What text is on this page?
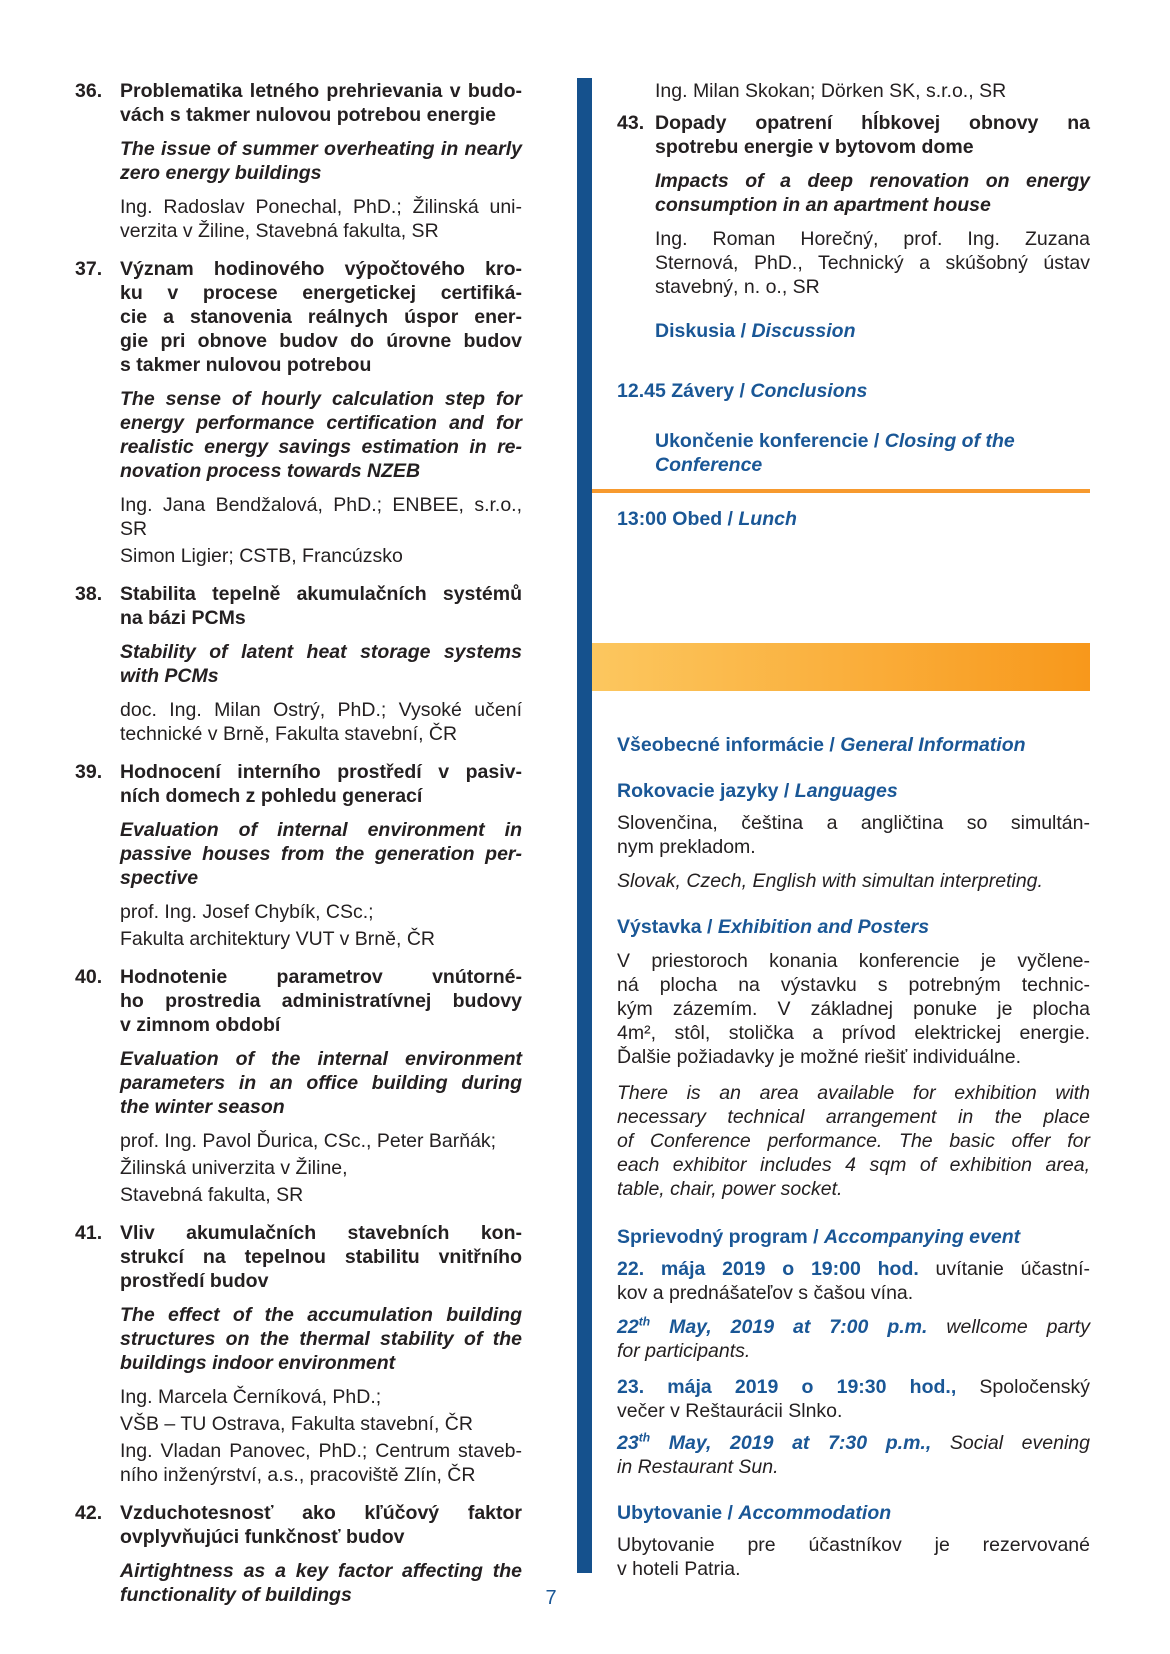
36. Problematika letného prehrievania v budo-
vách s takmer nulovou potrebou energie
The issue of summer overheating in nearly
zero energy buildings
Ing. Radoslav Ponechal, PhD.; Žilinská uni-
verzita v Žiline, Stavebná fakulta, SR
37. Význam hodinového výpočtového kro-
ku v procese energetickej certifiká-
cie a stanovenia reálnych úspor ener-
gie pri obnove budov do úrovne budov
s takmer nulovou potrebou
The sense of hourly calculation step for
energy performance certification and for
realistic energy savings estimation in re-
novation process towards NZEB
Ing. Jana Bendžalová, PhD.; ENBEE, s.r.o., SR
Simon Ligier; CSTB, Francúzsko
38. Stabilita tepelně akumulačních systémů
na bázi PCMs
Stability of latent heat storage systems
with PCMs
doc. Ing. Milan Ostrý, PhD.; Vysoké učení
technické v Brně, Fakulta stavební, ČR
39. Hodnocení interního prostředí v pasiv-
ních domech z pohledu generací
Evaluation of internal environment in
passive houses from the generation per-
spective
prof. Ing. Josef Chybík, CSc.;
Fakulta architektury VUT v Brně, ČR
40. Hodnotenie parametrov vnútorné-
ho prostredia administratívnej budovy
v zimnom období
Evaluation of the internal environment
parameters in an office building during
the winter season
prof. Ing. Pavol Ďurica, CSc., Peter Barňák;
Žilinská univerzita v Žiline,
Stavebná fakulta, SR
41. Vliv akumulačních stavebních kon-
strukcí na tepelnou stabilitu vnitřního
prostředí budov
The effect of the accumulation building
structures on the thermal stability of the
buildings indoor environment
Ing. Marcela Černíková, PhD.;
VŠB – TU Ostrava, Fakulta stavební, ČR
Ing. Vladan Panovec, PhD.; Centrum staveb-
ního inženýrství, a.s., pracoviště Zlín, ČR
42. Vzduchotesnosť ako kľúčový faktor
ovplyvňujúci funkčnosť budov
Airtightness as a key factor affecting the
functionality of buildings
Ing. Milan Skokan; Dörken SK, s.r.o., SR
43. Dopady opatrení hĺbkovej obnovy na
spotrebu energie v bytovom dome
Impacts of a deep renovation on energy
consumption in an apartment house
Ing. Roman Horečný, prof. Ing. Zuzana
Sternová, PhD., Technický a skúšobný ústav
stavebný, n. o., SR
Diskusia / Discussion
12.45 Závery / Conclusions
Ukončenie konferencie / Closing of the
Conference
13:00 Obed / Lunch
Všeobecné informácie / General Information
Rokovacie jazyky / Languages
Slovenčina, čeština a angličtina so simultán-
nym prekladom.
Slovak, Czech, English with simultan interpreting.
Výstavka / Exhibition and Posters
V priestoroch konania konferencie je vyčlene-
ná plocha na výstavku s potrebným technic-
kým zázemím. V základnej ponuke je plocha
4m², stôl, stolička a prívod elektrickej energie.
Ďalšie požiadavky je možné riešiť individuálne.
There is an area available for exhibition with
necessary technical arrangement in the place
of Conference performance. The basic offer for
each exhibitor includes 4 sqm of exhibition area,
table, chair, power socket.
Sprievodný program / Accompanying event
22. mája 2019 o 19:00 hod. uvítanie účastní-
kov a prednášateľov s čašou vína.
22th May, 2019 at 7:00 p.m. wellcome party
for participants.
23. mája 2019 o 19:30 hod., Spoločenský
večer v Reštaurácii Slnko.
23th May, 2019 at 7:30 p.m., Social evening
in Restaurant Sun.
Ubytovanie / Accommodation
Ubytovanie pre účastníkov je rezervované
v hoteli Patria.
7
